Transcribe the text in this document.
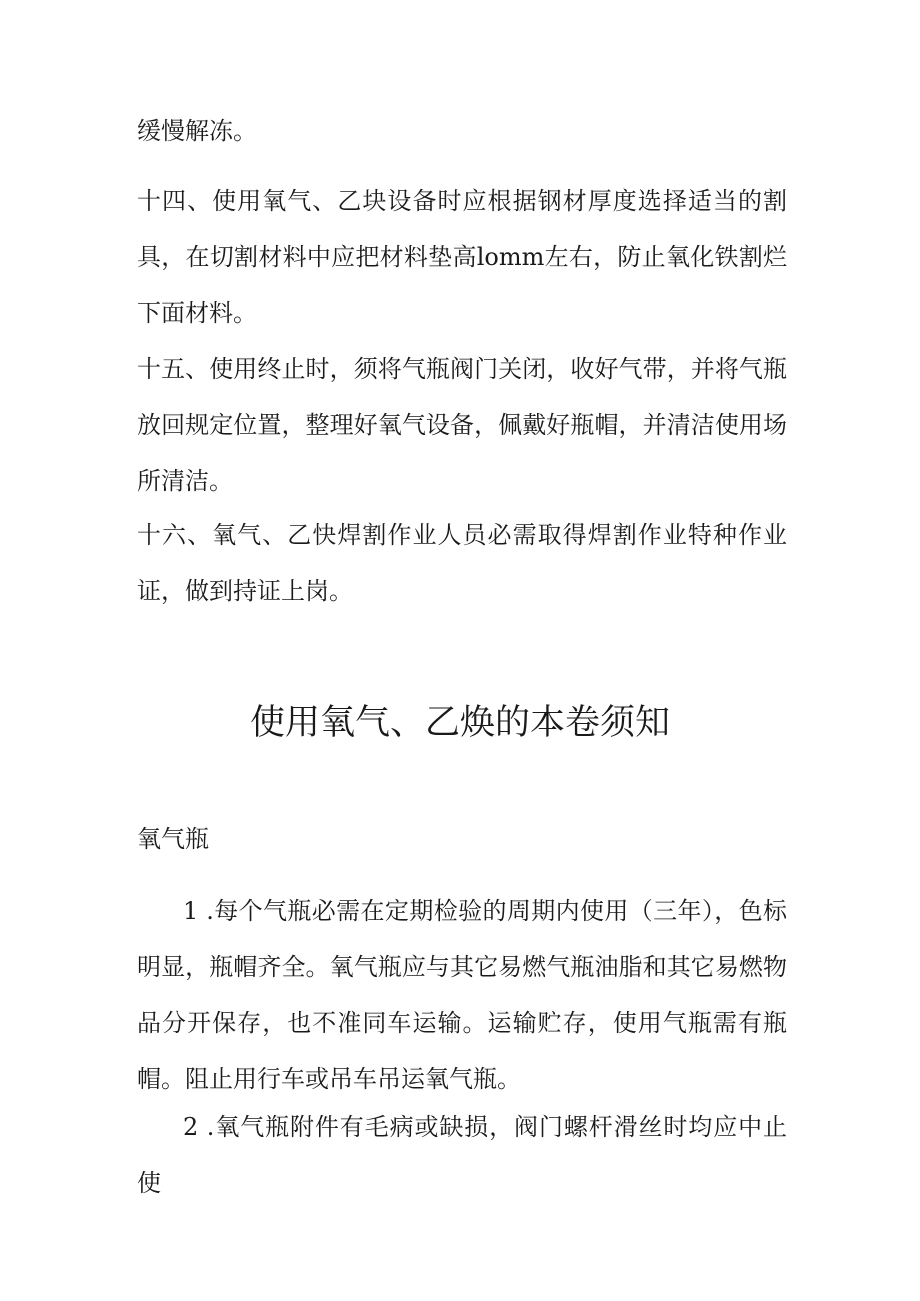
缓慢解冻。

十四、使用氧气、乙块设备时应根据钢材厚度选择适当的割具，在切割材料中应把材料垫高lomm左右，防止氧化铁割烂下面材料。

十五、使用终止时，须将气瓶阀门关闭，收好气带，并将气瓶放回规定位置，整理好氧气设备，佩戴好瓶帽，并清洁使用场所清洁。

十六、氧气、乙快焊割作业人员必需取得焊割作业特种作业证，做到持证上岗。

使用氧气、乙焕的本卷须知

氧气瓶

1 .每个气瓶必需在定期检验的周期内使用（三年），色标明显，瓶帽齐全。氧气瓶应与其它易燃气瓶油脂和其它易燃物品分开保存，也不准同车运输。运输贮存，使用气瓶需有瓶帽。阻止用行车或吊车吊运氧气瓶。

2 .氧气瓶附件有毛病或缺损，阀门螺杆滑丝时均应中止使
